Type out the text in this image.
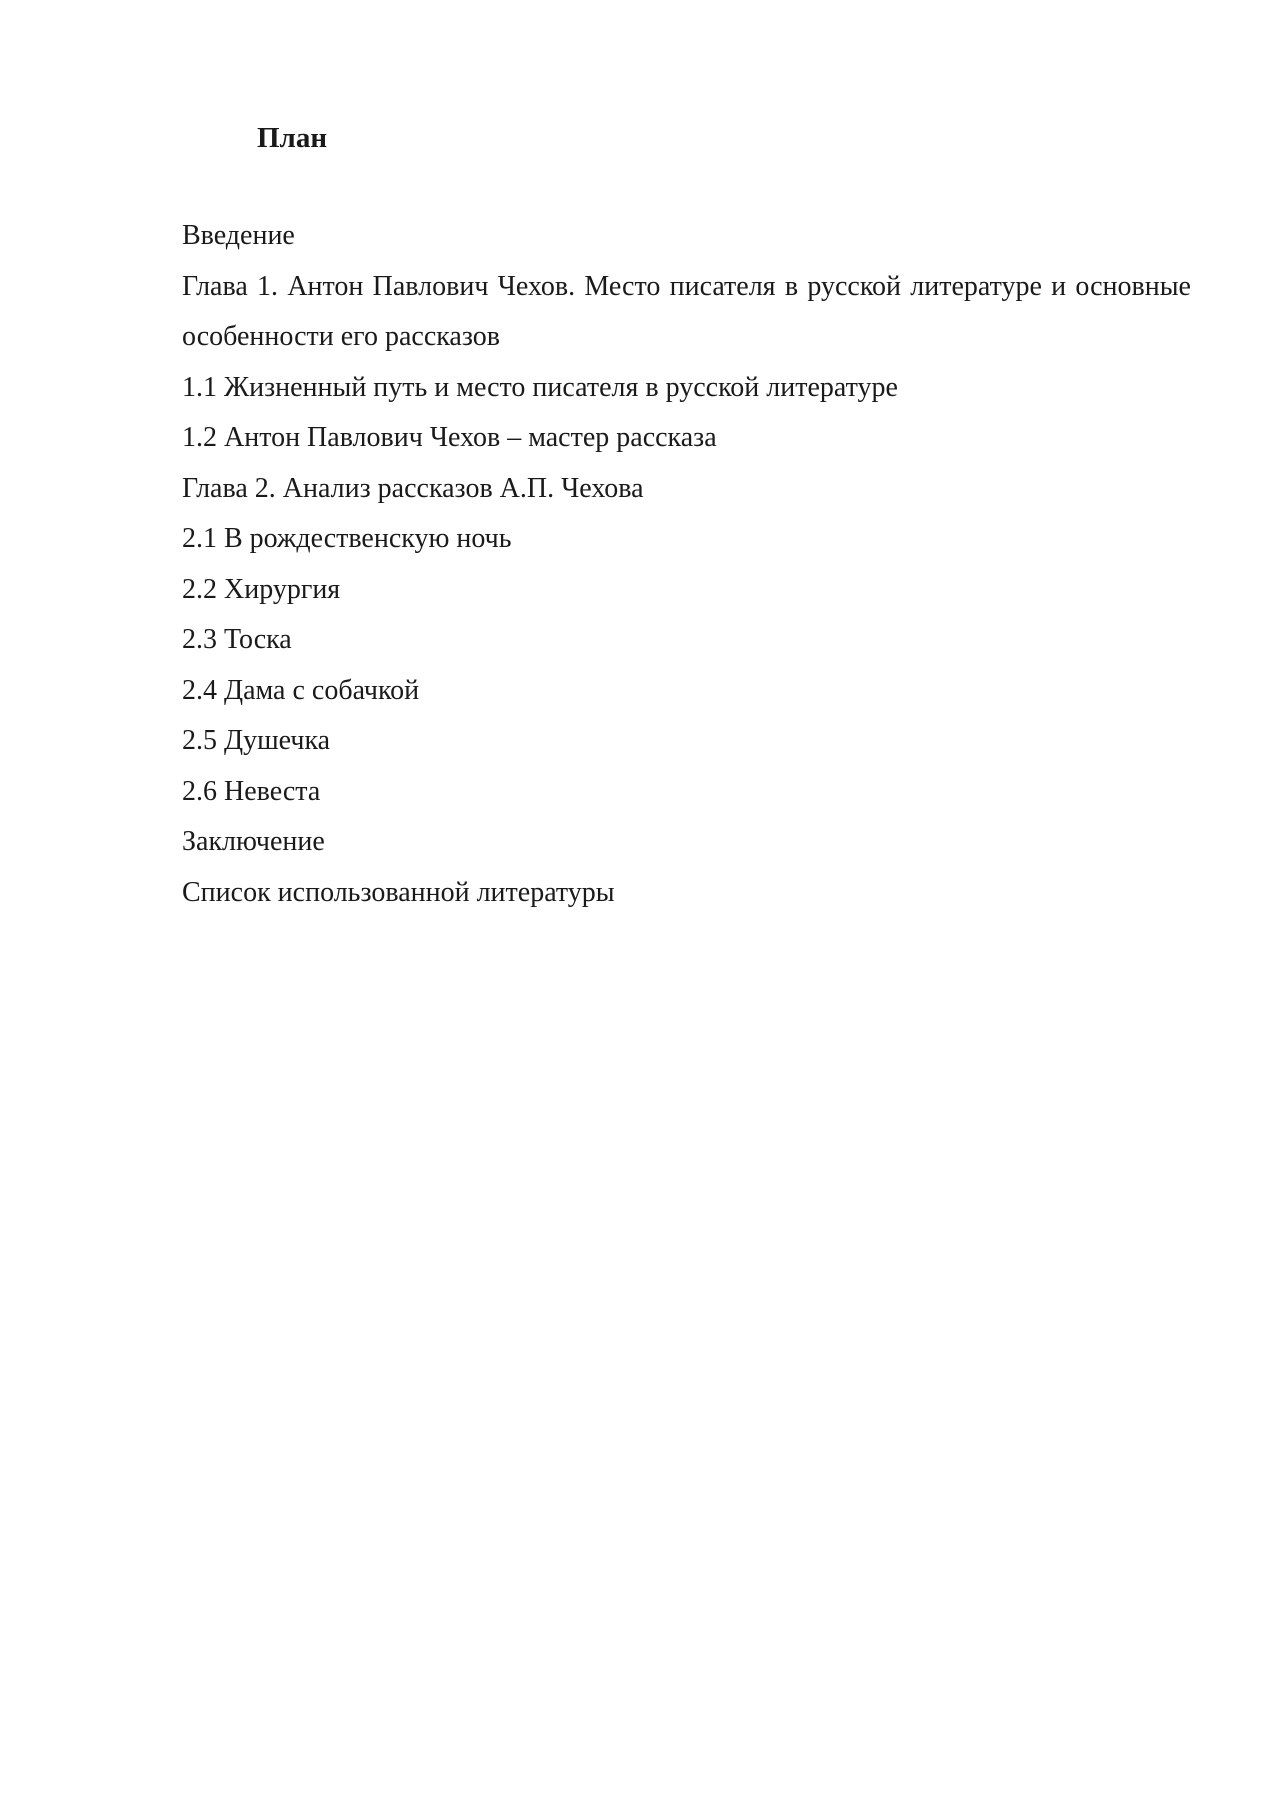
План
Введение
Глава 1. Антон Павлович Чехов. Место писателя в русской литературе и основные особенности его рассказов
1.1 Жизненный путь и место писателя в русской литературе
1.2 Антон Павлович Чехов – мастер рассказа
Глава 2. Анализ рассказов А.П. Чехова
2.1 В рождественскую ночь
2.2 Хирургия
2.3 Тоска
2.4 Дама с собачкой
2.5 Душечка
2.6 Невеста
Заключение
Список использованной литературы
